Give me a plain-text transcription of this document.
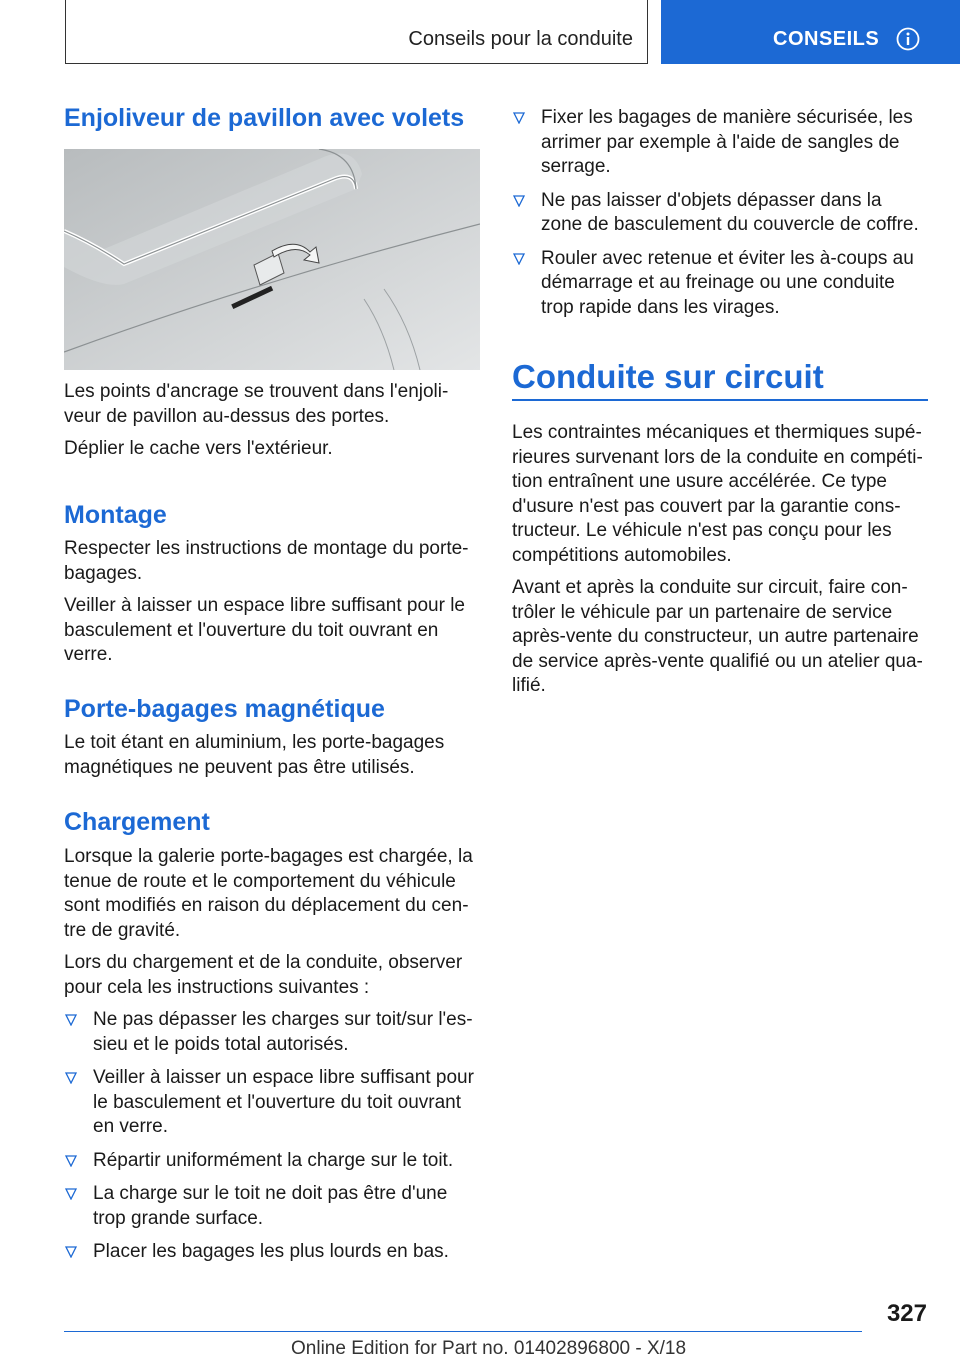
Conseils pour la conduite	CONSEILS
Enjoliveur de pavillon avec volets

Les points d'ancrage se trouvent dans l'enjoli-veur de pavillon au-dessus des portes.

Déplier le cache vers l'extérieur.

Montage

Respecter les instructions de montage du porte-bagages.

Veiller à laisser un espace libre suffisant pour le basculement et l'ouverture du toit ouvrant en verre.

Porte-bagages magnétique

Le toit étant en aluminium, les porte-bagages magnétiques ne peuvent pas être utilisés.

Chargement

Lorsque la galerie porte-bagages est chargée, la tenue de route et le comportement du véhicule sont modifiés en raison du déplacement du cen-tre de gravité.

Lors du chargement et de la conduite, observer pour cela les instructions suivantes :

Ne pas dépasser les charges sur toit/sur l'es-sieu et le poids total autorisés.
Veiller à laisser un espace libre suffisant pour le basculement et l'ouverture du toit ouvrant en verre.
Répartir uniformément la charge sur le toit.
La charge sur le toit ne doit pas être d'une trop grande surface.
Placer les bagages les plus lourds en bas.
Fixer les bagages de manière sécurisée, les arrimer par exemple à l'aide de sangles de serrage.
Ne pas laisser d'objets dépasser dans la zone de basculement du couvercle de coffre.
Rouler avec retenue et éviter les à-coups au démarrage et au freinage ou une conduite trop rapide dans les virages.
Conduite sur circuit

Les contraintes mécaniques et thermiques supé-rieures survenant lors de la conduite en compéti-tion entraînent une usure accélérée. Ce type d'usure n'est pas couvert par la garantie cons-tructeur. Le véhicule n'est pas conçu pour les compétitions automobiles.

Avant et après la conduite sur circuit, faire con-trôler le véhicule par un partenaire de service après-vente du constructeur, un autre partenaire de service après-vente qualifié ou un atelier qua-lifié.

327
Online Edition for Part no. 01402896800 - X/18
